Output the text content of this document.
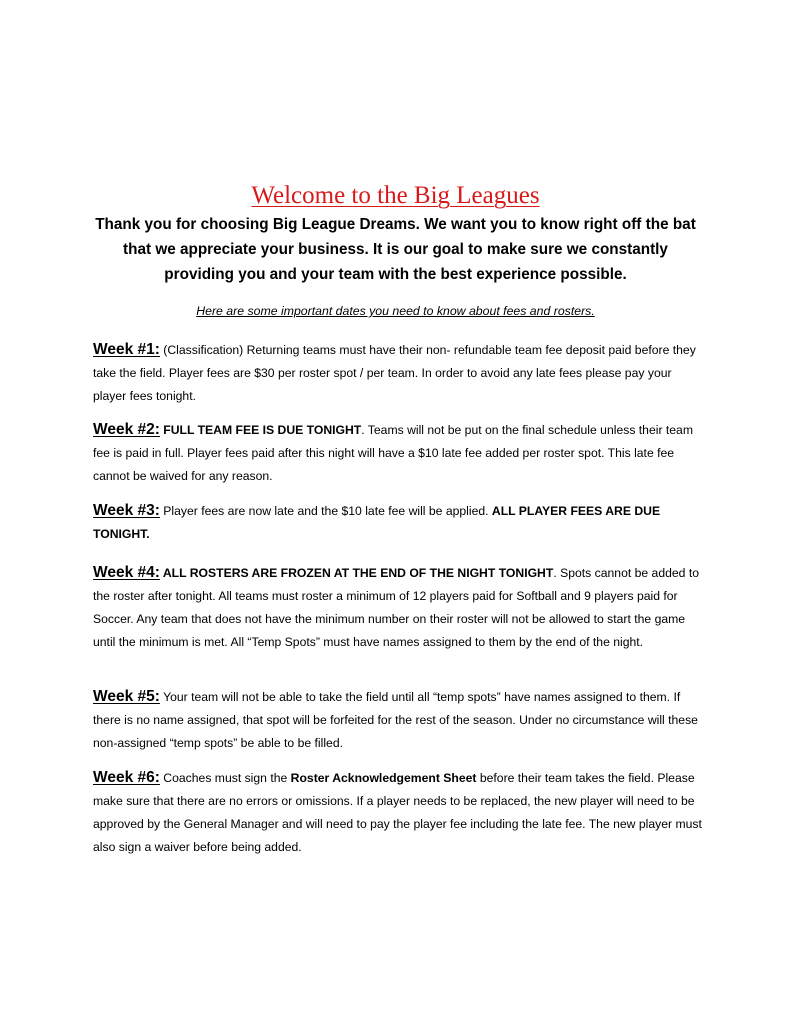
Welcome to the Big Leagues
Thank you for choosing Big League Dreams. We want you to know right off the bat that we appreciate your business. It is our goal to make sure we constantly providing you and your team with the best experience possible.
Here are some important dates you need to know about fees and rosters.
Week #1: (Classification) Returning teams must have their non- refundable team fee deposit paid before they take the field. Player fees are $30 per roster spot / per team. In order to avoid any late fees please pay your player fees tonight.
Week #2: FULL TEAM FEE IS DUE TONIGHT. Teams will not be put on the final schedule unless their team fee is paid in full. Player fees paid after this night will have a $10 late fee added per roster spot. This late fee cannot be waived for any reason.
Week #3: Player fees are now late and the $10 late fee will be applied. ALL PLAYER FEES ARE DUE TONIGHT.
Week #4: ALL ROSTERS ARE FROZEN AT THE END OF THE NIGHT TONIGHT. Spots cannot be added to the roster after tonight. All teams must roster a minimum of 12 players paid for Softball and 9 players paid for Soccer. Any team that does not have the minimum number on their roster will not be allowed to start the game until the minimum is met. All “Temp Spots” must have names assigned to them by the end of the night.
Week #5: Your team will not be able to take the field until all “temp spots” have names assigned to them. If there is no name assigned, that spot will be forfeited for the rest of the season. Under no circumstance will these non-assigned “temp spots” be able to be filled.
Week #6: Coaches must sign the Roster Acknowledgement Sheet before their team takes the field. Please make sure that there are no errors or omissions. If a player needs to be replaced, the new player will need to be approved by the General Manager and will need to pay the player fee including the late fee. The new player must also sign a waiver before being added.
